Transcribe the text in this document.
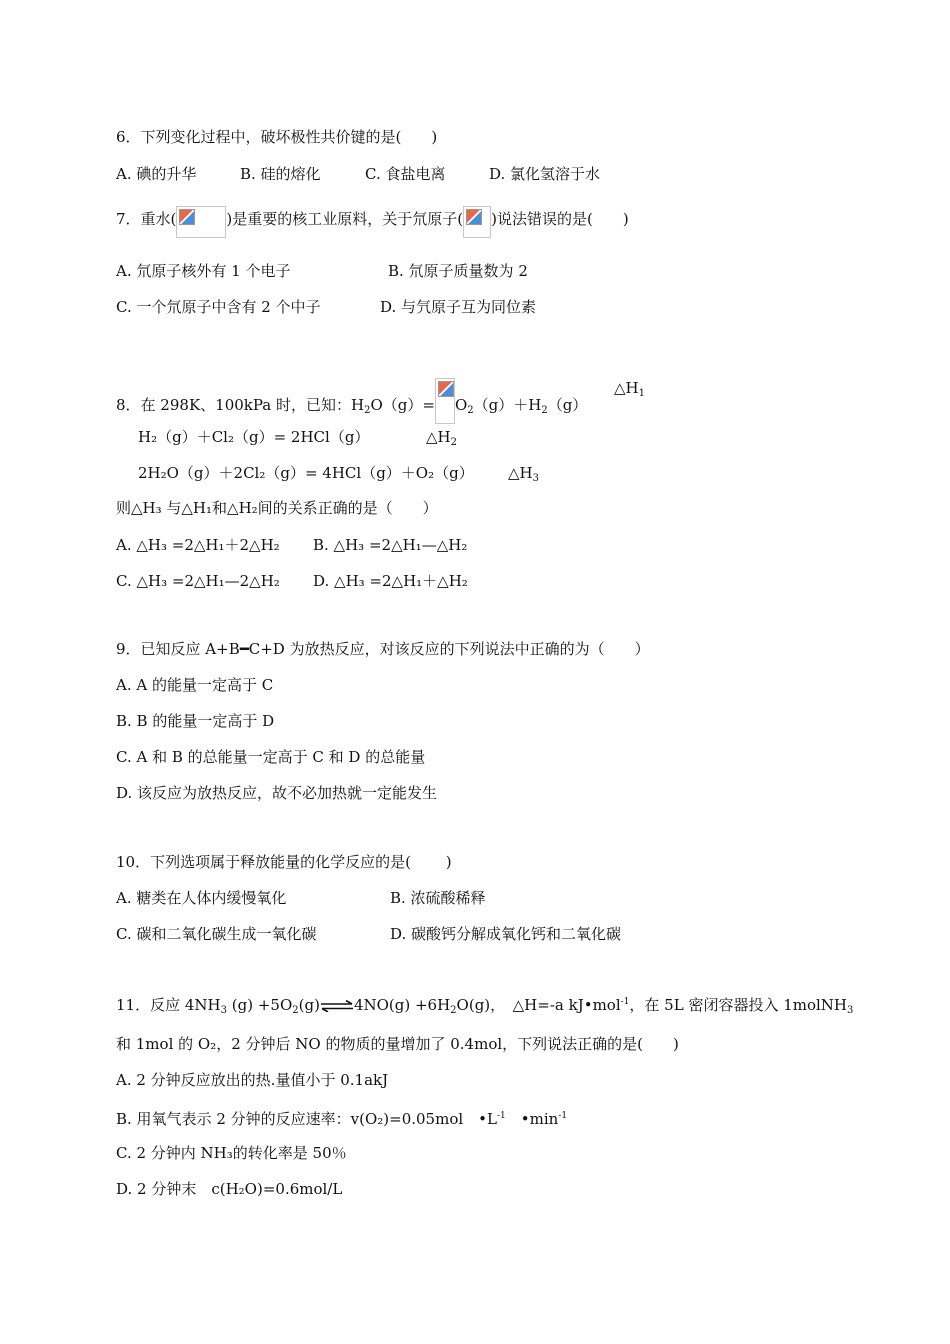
6．下列变化过程中，破坏极性共价键的是(　　)
A. 碘的升华	B. 硅的熔化	C. 食盐电离	D. 氯化氢溶于水
7．重水(	)是重要的核工业原料，关于氘原子( )说法错误的是(　　)
A. 氘原子核外有 1 个电子	B. 氘原子质量数为 2
C. 一个氘原子中含有 2 个中子	D. 与氕原子互为同位素
8．在 298K、100kPa 时，已知：$H_2O(g)= O_2(g)+H_2(g)$
$\triangle H_1$
H₂（g）＋Cl₂（g）= 2HCl（g）	$\triangle H_2$
2H₂O（g）＋2Cl₂（g）= 4HCl（g）＋O₂（g） $\triangle H_3$
则△H₃ 与△H₁和△H₂间的关系正确的是（　　）
A. △H₃ =2△H₁＋2△H₂ B. △H₃ =2△H₁—△H₂
C. △H₃ =2△H₁—2△H₂ D. △H₃ =2△H₁＋△H₂
9．已知反应 A+B━C+D 为放热反应，对该反应的下列说法中正确的为（　　）
A. A 的能量一定高于 C
B. B 的能量一定高于 D
C. A 和 B 的总能量一定高于 C 和 D 的总能量
D. 该反应为放热反应，故不必加热就一定能发生
10．下列选项属于释放能量的化学反应的是(　　 )
A. 糖类在人体内缓慢氧化	B. 浓硫酸稀释
C. 碳和二氧化碳生成一氧化碳	D. 碳酸钙分解成氧化钙和二氧化碳
11．反应 $4NH_3$ $(g) +5O_2(g)\rightleftharpoons 4NO(g) +6H_2O(g)$，　△H=-a kJ•mol$^{-1}$，在 5L 密闭容器投入 1molNH$_3$
和 1mol 的 O₂，2 分钟后 NO 的物质的量增加了 0.4mol，下列说法正确的是(　　)
A. 2 分钟反应放出的热.量值小于 0.1akJ
B. 用氧气表示 2 分钟的反应速率：v(O₂)=0.05mol　$•L^{-1}$　$•\min^{-1}$
C. 2 分钟内 NH₃的转化率是 50％
D. 2 分钟末　c(H₂O)=0.6mol/L
